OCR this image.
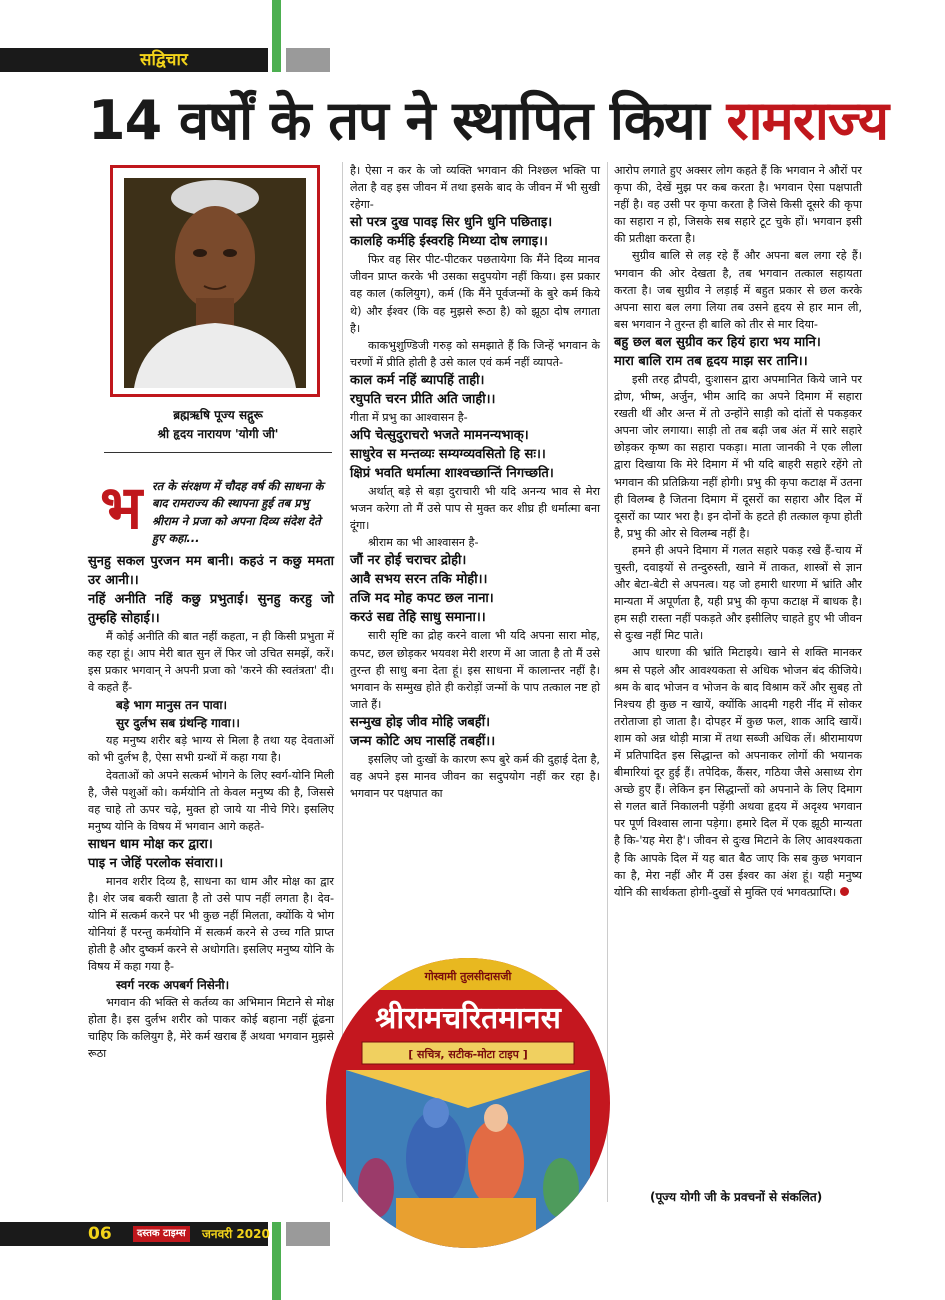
सद्विचार
14 वर्षों के तप ने स्थापित किया रामराज्य
ब्रह्मऋषि पूज्य सद्गुरू
श्री हृदय नारायण 'योगी जी'
भ रत के संरक्षण में चौदह वर्ष की साधना के बाद रामराज्य की स्थापना हुई तब प्रभु श्रीराम ने प्रजा को अपना दिव्य संदेश देते हुए कहा...

सुनहु सकल पुरजन मम बानी। कहउं न कछु ममता उर आनी।।

नहिं अनीति नहिं कछु प्रभुताई। सुनहु करहु जो तुम्हहि सोहाई।।

मैं कोई अनीति की बात नहीं कहता, न ही किसी प्रभुता में कह रहा हूं। आप मेरी बात सुन लें फिर जो उचित समझें, करें। इस प्रकार भगवान् ने अपनी प्रजा को 'करने की स्वतंत्रता' दी। वे कहते हैं-

बड़े भाग मानुस तन पावा।

सुर दुर्लभ सब ग्रंथन्हि गावा।।

यह मनुष्य शरीर बड़े भाग्य से मिला है तथा यह देवताओं को भी दुर्लभ है, ऐसा सभी ग्रन्थों में कहा गया है।

देवताओं को अपने सत्कर्म भोगने के लिए स्वर्ग-योनि मिली है, जैसे पशुओं को। कर्मयोनि तो केवल मनुष्य की है, जिससे वह चाहे तो ऊपर चढ़े, मुक्त हो जाये या नीचे गिरे। इसलिए मनुष्य योनि के विषय में भगवान आगे कहते-

साधन धाम मोक्ष कर द्वारा।

पाइ न जेहिं परलोक संवारा।।

मानव शरीर दिव्य है, साधना का धाम और मोक्ष का द्वार है। शेर जब बकरी खाता है तो उसे पाप नहीं लगता है। देव-योनि में सत्कर्म करने पर भी कुछ नहीं मिलता, क्योंकि ये भोग योनियां हैं परन्तु कर्मयोनि में सत्कर्म करने से उच्च गति प्राप्त होती है और दुष्कर्म करने से अधोगति। इसलिए मनुष्य योनि के विषय में कहा गया है-

स्वर्ग नरक अपबर्ग निसेनी।

भगवान की भक्ति से कर्तव्य का अभिमान मिटाने से मोक्ष होता है। इस दुर्लभ शरीर को पाकर कोई बहाना नहीं ढूंढना चाहिए कि कलियुग है, मेरे कर्म खराब हैं अथवा भगवान मुझसे रूठा

है। ऐसा न कर के जो व्यक्ति भगवान की निश्छल भक्ति पा लेता है वह इस जीवन में तथा इसके बाद के जीवन में भी सुखी रहेगा-

सो परत्र दुख पावइ सिर धुनि धुनि पछिताइ।

कालहि कर्महि ईस्वरहि मिथ्या दोष लगाइ।।

फिर वह सिर पीट-पीटकर पछतायेगा कि मैंने दिव्य मानव जीवन प्राप्त करके भी उसका सदुपयोग नहीं किया। इस प्रकार वह काल (कलियुग), कर्म (कि मैंने पूर्वजन्मों के बुरे कर्म किये थे) और ईश्वर (कि वह मुझसे रूठा है) को झूठा दोष लगाता है।

काकभुशुण्डिजी गरुड़ को समझाते हैं कि जिन्हें भगवान के चरणों में प्रीति होती है उसे काल एवं कर्म नहीं व्यापते-

काल कर्म नहिं ब्यापहिं ताही।

रघुपति चरन प्रीति अति जाही।।

गीता में प्रभु का आश्वासन है-

अपि चेत्सुदुराचरो भजते मामनन्यभाक्।

साधुरेव स मन्तव्यः सम्यग्व्यवसितो हि सः।।

क्षिप्रं भवति धर्मात्मा शाश्वच्छान्तिं निगच्छति।

अर्थात् बड़े से बड़ा दुराचारी भी यदि अनन्य भाव से मेरा भजन करेगा तो मैं उसे पाप से मुक्त कर शीघ्र ही धर्मात्मा बना दूंगा।

श्रीराम का भी आश्वासन है-

जौं नर होई चराचर द्रोही।

आवै सभय सरन तकि मोही।।

तजि मद मोह कपट छल नाना।

करउं सद्य तेहि साधु समाना।।

सारी सृष्टि का द्रोह करने वाला भी यदि अपना सारा मोह, कपट, छल छोड़कर भयवश मेरी शरण में आ जाता है तो मैं उसे तुरन्त ही साधु बना देता हूं। इस साधना में कालान्तर नहीं है। भगवान के सम्मुख होते ही करोड़ों जन्मों के पाप तत्काल नष्ट हो जाते हैं।

सन्मुख होइ जीव मोहि जबहीं।

जन्म कोटि अघ नासहिं तबहीं।।

इसलिए जो दुःखों के कारण रूप बुरे कर्म की दुहाई देता है, वह अपने इस मानव जीवन का सदुपयोग नहीं कर रहा है। भगवान पर पक्षपात का

आरोप लगाते हुए अक्सर लोग कहते हैं कि भगवान ने औरों पर कृपा की, देखें मुझ पर कब करता है। भगवान ऐसा पक्षपाती नहीं है। वह उसी पर कृपा करता है जिसे किसी दूसरे की कृपा का सहारा न हो, जिसके सब सहारे टूट चुके हों। भगवान इसी की प्रतीक्षा करता है।

सुग्रीव बालि से लड़ रहे हैं और अपना बल लगा रहे हैं। भगवान की ओर देखता है, तब भगवान तत्काल सहायता करता है। जब सुग्रीव ने लड़ाई में बहुत प्रकार से छल करके अपना सारा बल लगा लिया तब उसने हृदय से हार मान ली, बस भगवान ने तुरन्त ही बालि को तीर से मार दिया-

बहु छल बल सुग्रीव कर हियं हारा भय मानि।

मारा बालि राम तब हृदय माझ सर तानि।।

इसी तरह द्रौपदी, दुःशासन द्वारा अपमानित किये जाने पर द्रोण, भीष्म, अर्जुन, भीम आदि का अपने दिमाग में सहारा रखती थीं और अन्त में तो उन्होंने साड़ी को दांतों से पकड़कर अपना जोर लगाया। साड़ी तो तब बढ़ी जब अंत में सारे सहारे छोड़कर कृष्ण का सहारा पकड़ा। माता जानकी ने एक लीला द्वारा दिखाया कि मेरे दिमाग में भी यदि बाहरी सहारे रहेंगे तो भगवान की प्रतिक्रिया नहीं होगी। प्रभु की कृपा कटाक्ष में उतना ही विलम्ब है जितना दिमाग में दूसरों का सहारा और दिल में दूसरों का प्यार भरा है। इन दोनों के हटते ही तत्काल कृपा होती है, प्रभु की ओर से विलम्ब नहीं है।

हमने ही अपने दिमाग में गलत सहारे पकड़ रखे हैं-चाय में चुस्ती, दवाइयों से तन्दुरुस्ती, खाने में ताकत, शास्त्रों से ज्ञान और बेटा-बेटी से अपनत्व। यह जो हमारी धारणा में भ्रांति और मान्यता में अपूर्णता है, यही प्रभु की कृपा कटाक्ष में बाधक है। हम सही रास्ता नहीं पकड़ते और इसीलिए चाहते हुए भी जीवन से दुःख नहीं मिट पाते।

आप धारणा की भ्रांति मिटाइये। खाने से शक्ति मानकर श्रम से पहले और आवश्यकता से अधिक भोजन बंद कीजिये। श्रम के बाद भोजन व भोजन के बाद विश्राम करें और सुबह तो निश्चय ही कुछ न खायें, क्योंकि आदमी गहरी नींद में सोकर तरोताजा हो जाता है। दोपहर में कुछ फल, शाक आदि खायें। शाम को अन्न थोड़ी मात्रा में तथा सब्जी अधिक लें। श्रीरामायण में प्रतिपादित इस सिद्धान्त को अपनाकर लोगों की भयानक बीमारियां दूर हुई हैं। तपेदिक, कैंसर, गठिया जैसे असाध्य रोग अच्छे हुए हैं। लेकिन इन सिद्धान्तों को अपनाने के लिए दिमाग से गलत बातें निकालनी पड़ेंगी अथवा हृदय में अदृश्य भगवान पर पूर्ण विश्वास लाना पड़ेगा। हमारे दिल में एक झूठी मान्यता है कि-'यह मेरा है'। जीवन से दुःख मिटाने के लिए आवश्यकता है कि आपके दिल में यह बात बैठ जाए कि सब कुछ भगवान का है, मेरा नहीं और मैं उस ईश्वर का अंश हूं। यही मनुष्य योनि की सार्थकता होगी-दुखों से मुक्ति एवं भगवत्प्राप्ति।

(पूज्य योगी जी के प्रवचनों से संकलित)
गोस्वामी तुलसीदासजी
श्रीरामचरितमानस
[ सचित्र, सटीक-मोटा टाइप ]
06	दस्तक टाइम्स	जनवरी 2020
